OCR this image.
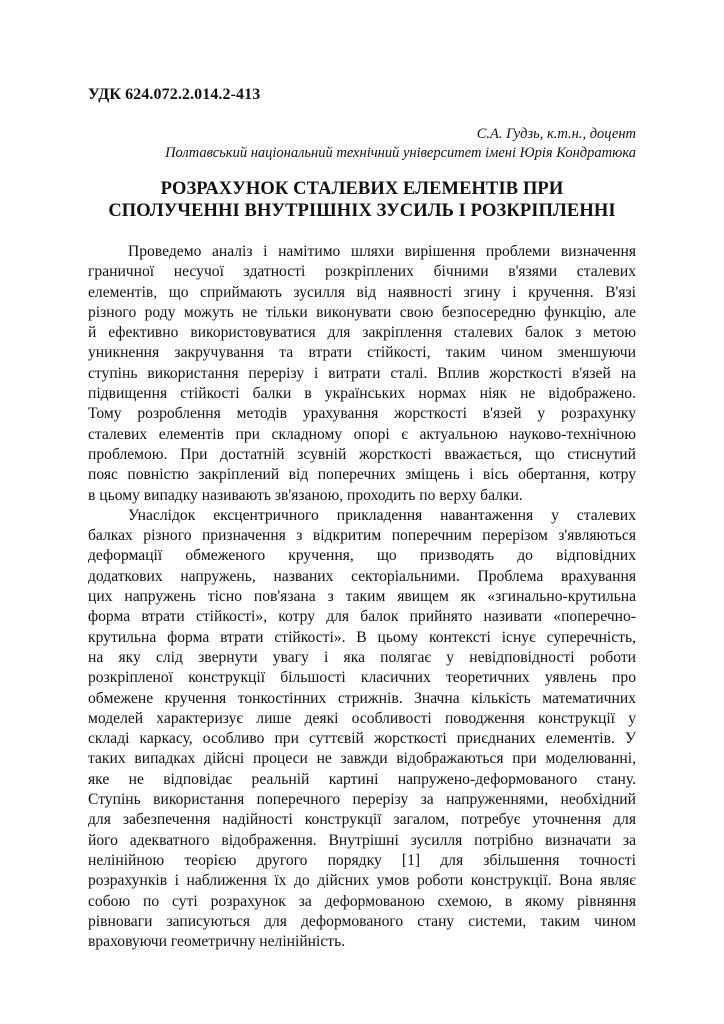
УДК 624.072.2.014.2-413
С.А. Гудзь, к.т.н., доцент
Полтавський національний технічний університет імені Юрія Кондратюка
РОЗРАХУНОК СТАЛЕВИХ ЕЛЕМЕНТІВ ПРИ
СПОЛУЧЕННІ ВНУТРІШНІХ ЗУСИЛЬ І РОЗКРІПЛЕННІ
Проведемо аналіз і намітимо шляхи вирішення проблеми визначення
граничної несучої здатності розкріплених бічними в'язями сталевих
елементів, що сприймають зусилля від наявності згину і кручення. В'язі
різного роду можуть не тільки виконувати свою безпосередню функцію, але
й ефективно використовуватися для закріплення сталевих балок з метою
уникнення закручування та втрати стійкості, таким чином зменшуючи
ступінь використання перерізу і витрати сталі. Вплив жорсткості в'язей на
підвищення стійкості балки в українських нормах ніяк не відображено.
Тому розроблення методів урахування жорсткості в'язей у розрахунку
сталевих елементів при складному опорі є актуальною науково-технічною
проблемою. При достатній зсувній жорсткості вважається, що стиснутий
пояс повністю закріплений від поперечних зміщень і вісь обертання, котру
в цьому випадку називають зв'язаною, проходить по верху балки.
Унаслідок ексцентричного прикладення навантаження у сталевих
балках різного призначення з відкритим поперечним перерізом з'являються
деформації обмеженого кручення, що призводять до відповідних
додаткових напружень, названих секторіальними. Проблема врахування
цих напружень тісно пов'язана з таким явищем як «згинально-крутильна
форма втрати стійкості», котру для балок прийнято називати «поперечно-
крутильна форма втрати стійкості». В цьому контексті існує суперечність,
на яку слід звернути увагу і яка полягає у невідповідності роботи
розкріпленої конструкції більшості класичних теоретичних уявлень про
обмежене кручення тонкостінних стрижнів. Значна кількість математичних
моделей характеризує лише деякі особливості поводження конструкції у
складі каркасу, особливо при суттєвій жорсткості приєднаних елементів. У
таких випадках дійсні процеси не завжди відображаються при моделюванні,
яке не відповідає реальній картині напружено-деформованого стану.
Ступінь використання поперечного перерізу за напруженнями, необхідний
для забезпечення надійності конструкції загалом, потребує уточнення для
його адекватного відображення. Внутрішні зусилля потрібно визначати за
нелінійною теорією другого порядку [1] для збільшення точності
розрахунків і наближення їх до дійсних умов роботи конструкції. Вона являє
собою по суті розрахунок за деформованою схемою, в якому рівняння
рівноваги записуються для деформованого стану системи, таким чином
враховуючи геометричну нелінійність.
